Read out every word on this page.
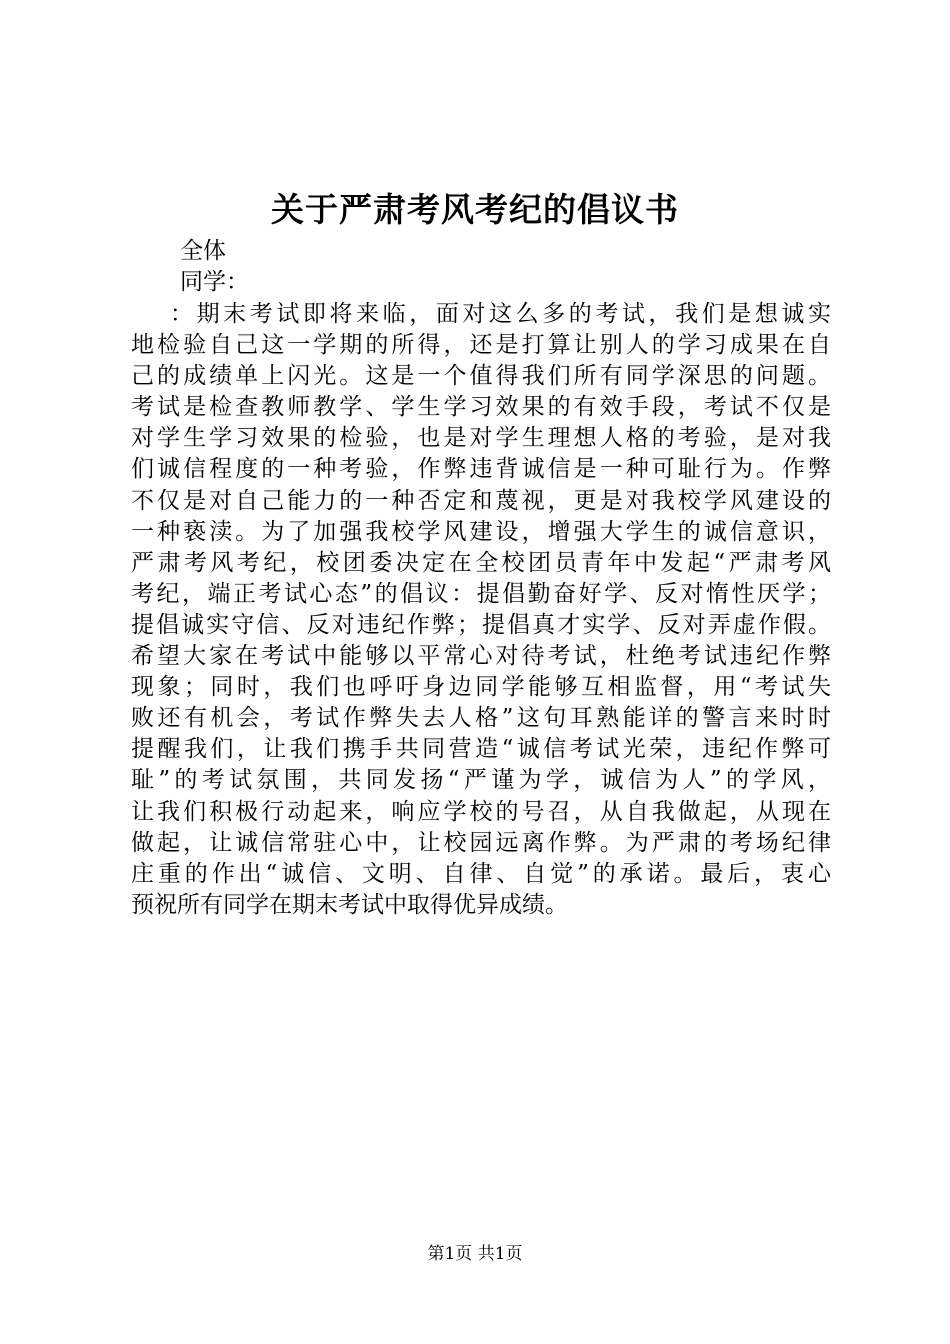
关于严肃考风考纪的倡议书
全体
同学：
：期末考试即将来临，面对这么多的考试，我们是想诚实
地检验自己这一学期的所得，还是打算让别人的学习成果在自
己的成绩单上闪光。这是一个值得我们所有同学深思的问题。
考试是检查教师教学、学生学习效果的有效手段，考试不仅是
对学生学习效果的检验，也是对学生理想人格的考验，是对我
们诚信程度的一种考验，作弊违背诚信是一种可耻行为。作弊
不仅是对自己能力的一种否定和蔑视，更是对我校学风建设的
一种亵渎。为了加强我校学风建设，增强大学生的诚信意识，
严肃考风考纪，校团委决定在全校团员青年中发起“严肃考风
考纪，端正考试心态”的倡议：提倡勤奋好学、反对惰性厌学；
提倡诚实守信、反对违纪作弊；提倡真才实学、反对弄虚作假。
希望大家在考试中能够以平常心对待考试，杜绝考试违纪作弊
现象；同时，我们也呼吁身边同学能够互相监督，用“考试失
败还有机会，考试作弊失去人格”这句耳熟能详的警言来时时
提醒我们，让我们携手共同营造“诚信考试光荣，违纪作弊可
耻”的考试氛围，共同发扬“严谨为学，诚信为人”的学风，
让我们积极行动起来，响应学校的号召，从自我做起，从现在
做起，让诚信常驻心中，让校园远离作弊。为严肃的考场纪律
庄重的作出“诚信、文明、自律、自觉”的承诺。最后，衷心
预祝所有同学在期末考试中取得优异成绩。
第1页 共1页
